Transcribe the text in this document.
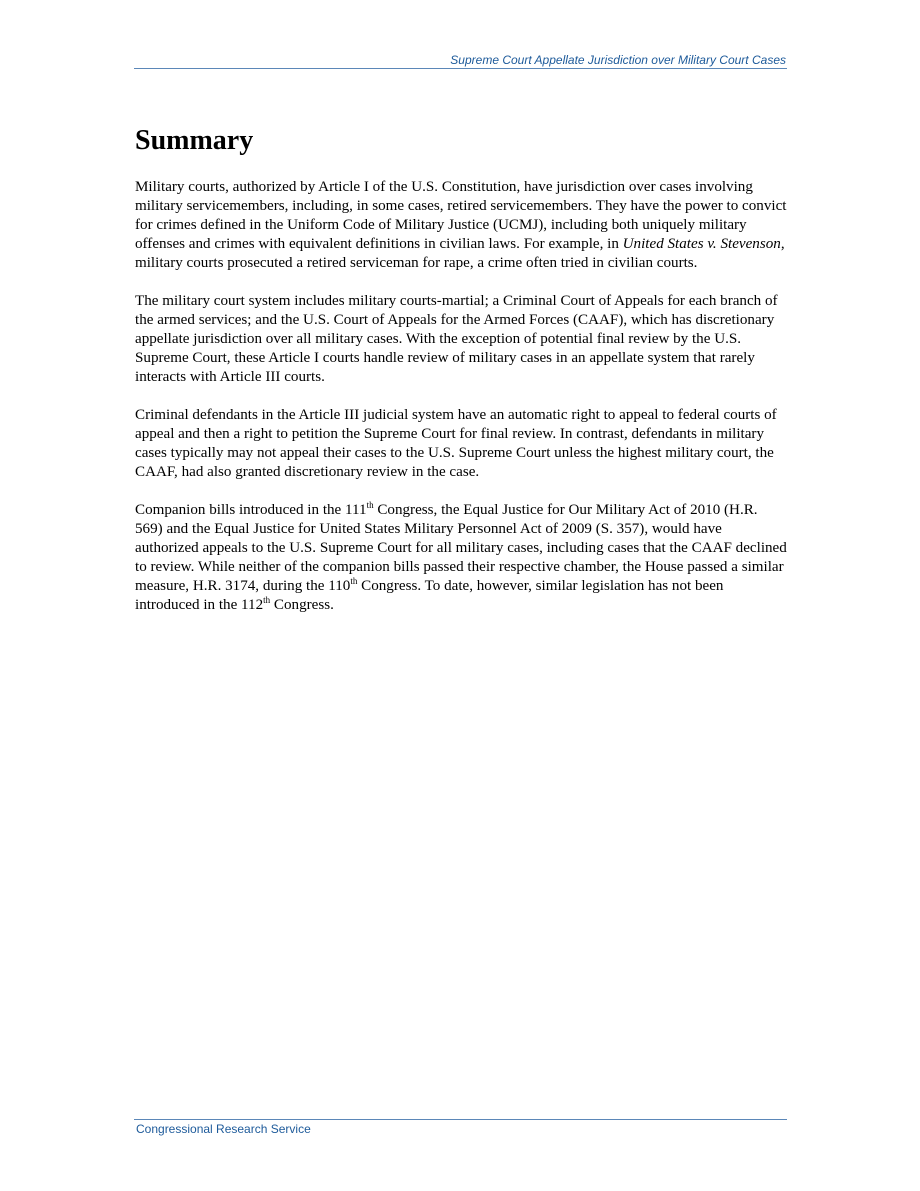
Supreme Court Appellate Jurisdiction over Military Court Cases
Summary

Military courts, authorized by Article I of the U.S. Constitution, have jurisdiction over cases involving military servicemembers, including, in some cases, retired servicemembers. They have the power to convict for crimes defined in the Uniform Code of Military Justice (UCMJ), including both uniquely military offenses and crimes with equivalent definitions in civilian laws. For example, in United States v. Stevenson, military courts prosecuted a retired serviceman for rape, a crime often tried in civilian courts.

The military court system includes military courts-martial; a Criminal Court of Appeals for each branch of the armed services; and the U.S. Court of Appeals for the Armed Forces (CAAF), which has discretionary appellate jurisdiction over all military cases. With the exception of potential final review by the U.S. Supreme Court, these Article I courts handle review of military cases in an appellate system that rarely interacts with Article III courts.

Criminal defendants in the Article III judicial system have an automatic right to appeal to federal courts of appeal and then a right to petition the Supreme Court for final review. In contrast, defendants in military cases typically may not appeal their cases to the U.S. Supreme Court unless the highest military court, the CAAF, had also granted discretionary review in the case.

Companion bills introduced in the 111th Congress, the Equal Justice for Our Military Act of 2010 (H.R. 569) and the Equal Justice for United States Military Personnel Act of 2009 (S. 357), would have authorized appeals to the U.S. Supreme Court for all military cases, including cases that the CAAF declined to review. While neither of the companion bills passed their respective chamber, the House passed a similar measure, H.R. 3174, during the 110th Congress. To date, however, similar legislation has not been introduced in the 112th Congress.

Congressional Research Service
